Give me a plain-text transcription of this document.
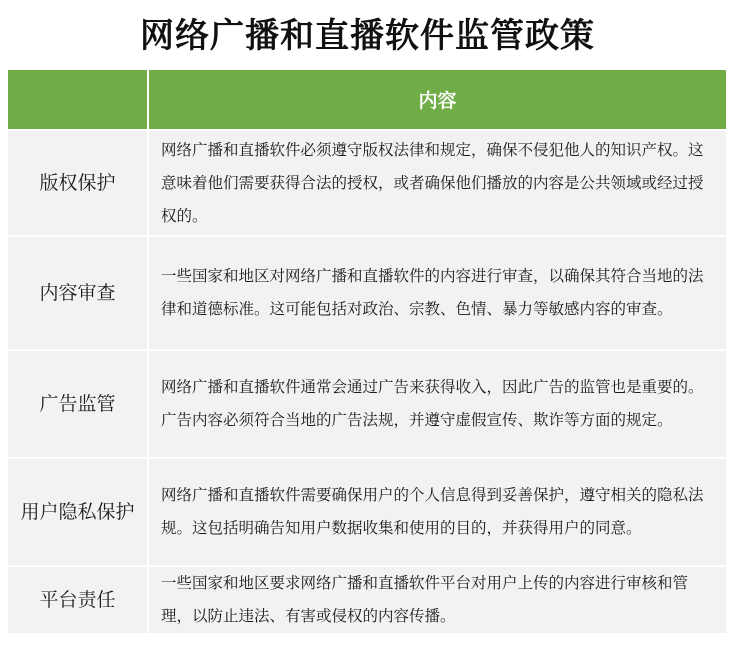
网络广播和直播软件监管政策
	内容
版权保护	网络广播和直播软件必须遵守版权法律和规定，确保不侵犯他人的知识产权。这意味着他们需要获得合法的授权，或者确保他们播放的内容是公共领域或经过授权的。
内容审查	一些国家和地区对网络广播和直播软件的内容进行审查，以确保其符合当地的法律和道德标准。这可能包括对政治、宗教、色情、暴力等敏感内容的审查。
广告监管	网络广播和直播软件通常会通过广告来获得收入，因此广告的监管也是重要的。广告内容必须符合当地的广告法规，并遵守虚假宣传、欺诈等方面的规定。
用户隐私保护	网络广播和直播软件需要确保用户的个人信息得到妥善保护，遵守相关的隐私法规。这包括明确告知用户数据收集和使用的目的，并获得用户的同意。
平台责任	一些国家和地区要求网络广播和直播软件平台对用户上传的内容进行审核和管理，以防止违法、有害或侵权的内容传播。
